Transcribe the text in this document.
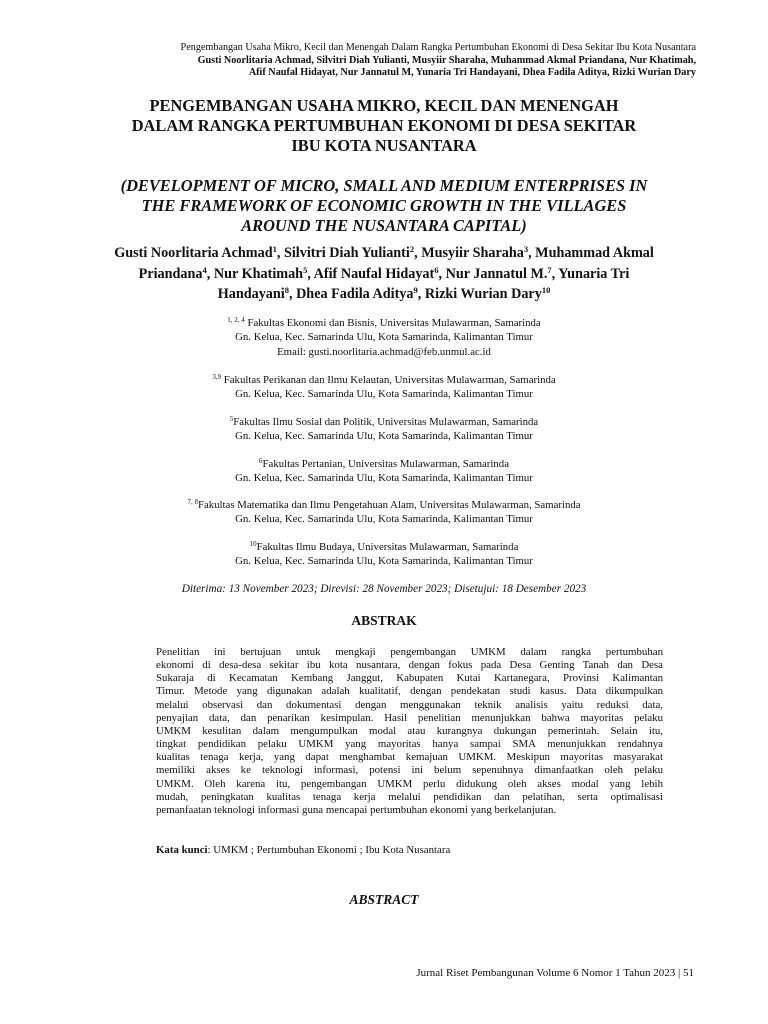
Pengembangan Usaha Mikro, Kecil dan Menengah Dalam Rangka Pertumbuhan Ekonomi di Desa Sekitar Ibu Kota Nusantara
Gusti Noorlitaria Achmad, Silvitri Diah Yulianti, Musyiir Sharaha, Muhammad Akmal Priandana, Nur Khatimah,
Afif Naufal Hidayat, Nur Jannatul M, Yunaria Tri Handayani, Dhea Fadila Aditya, Rizki Wurian Dary
PENGEMBANGAN USAHA MIKRO, KECIL DAN MENENGAH
DALAM RANGKA PERTUMBUHAN EKONOMI DI DESA SEKITAR
IBU KOTA NUSANTARA
(DEVELOPMENT OF MICRO, SMALL AND MEDIUM ENTERPRISES IN
THE FRAMEWORK OF ECONOMIC GROWTH IN THE VILLAGES
AROUND THE NUSANTARA CAPITAL)
Gusti Noorlitaria Achmad$^1$, Silvitri Diah Yulianti$^2$, Musyiir Sharaha$^3$, Muhammad Akmal Priandana$^4$, Nur Khatimah$^5$, Afif Naufal Hidayat$^6$, Nur Jannatul M.$^7$, Yunaria Tri Handayani$^8$, Dhea Fadila Aditya$^9$, Rizki Wurian Dary$^{10}$
$^{1, 2, 4}$ Fakultas Ekonomi dan Bisnis, Universitas Mulawarman, Samarinda
Gn. Kelua, Kec. Samarinda Ulu, Kota Samarinda, Kalimantan Timur
Email: gusti.noorlitaria.achmad@feb.unmul.ac.id
$^{3,9}$ Fakultas Perikanan dan Ilmu Kelautan, Universitas Mulawarman, Samarinda
Gn. Kelua, Kec. Samarinda Ulu, Kota Samarinda, Kalimantan Timur
$^5$Fakultas Ilmu Sosial dan Politik, Universitas Mulawarman, Samarinda
Gn. Kelua, Kec. Samarinda Ulu, Kota Samarinda, Kalimantan Timur
$^6$Fakultas Pertanian, Universitas Mulawarman, Samarinda
Gn. Kelua, Kec. Samarinda Ulu, Kota Samarinda, Kalimantan Timur
$^{7, 8}$Fakultas Matematika dan Ilmu Pengetahuan Alam, Universitas Mulawarman, Samarinda
Gn. Kelua, Kec. Samarinda Ulu, Kota Samarinda, Kalimantan Timur
$^{10}$Fakultas Ilmu Budaya, Universitas Mulawarman, Samarinda
Gn. Kelua, Kec. Samarinda Ulu, Kota Samarinda, Kalimantan Timur
Diterima: 13 November 2023; Direvisi: 28 November 2023; Disetujui: 18 Desember 2023
ABSTRAK
Penelitian ini bertujuan untuk mengkaji pengembangan UMKM dalam rangka pertumbuhan
ekonomi di desa-desa sekitar ibu kota nusantara, dengan fokus pada Desa Genting Tanah dan Desa
Sukaraja di Kecamatan Kembang Janggut, Kabupaten Kutai Kartanegara, Provinsi Kalimantan
Timur. Metode yang digunakan adalah kualitatif, dengan pendekatan studi kasus. Data dikumpulkan
melalui observasi dan dokumentasi dengan menggunakan teknik analisis yaitu reduksi data,
penyajian data, dan penarikan kesimpulan. Hasil penelitian menunjukkan bahwa mayoritas pelaku
UMKM kesulitan dalam mengumpulkan modal atau kurangnya dukungan pemerintah. Selain itu,
tingkat pendidikan pelaku UMKM yang mayoritas hanya sampai SMA menunjukkan rendahnya
kualitas tenaga kerja, yang dapat menghambat kemajuan UMKM. Meskipun mayoritas masyarakat
memiliki akses ke teknologi informasi, potensi ini belum sepenuhnya dimanfaatkan oleh pelaku
UMKM. Oleh karena itu, pengembangan UMKM perlu didukung oleh akses modal yang lebih
mudah, peningkatan kualitas tenaga kerja melalui pendidikan dan pelatihan, serta optimalisasi
pemanfaatan teknologi informasi guna mencapai pertumbuhan ekonomi yang berkelanjutan.
Kata kunci: UMKM ; Pertumbuhan Ekonomi ; Ibu Kota Nusantara
ABSTRACT
Jurnal Riset Pembangunan Volume 6 Nomor 1 Tahun 2023 | 51
